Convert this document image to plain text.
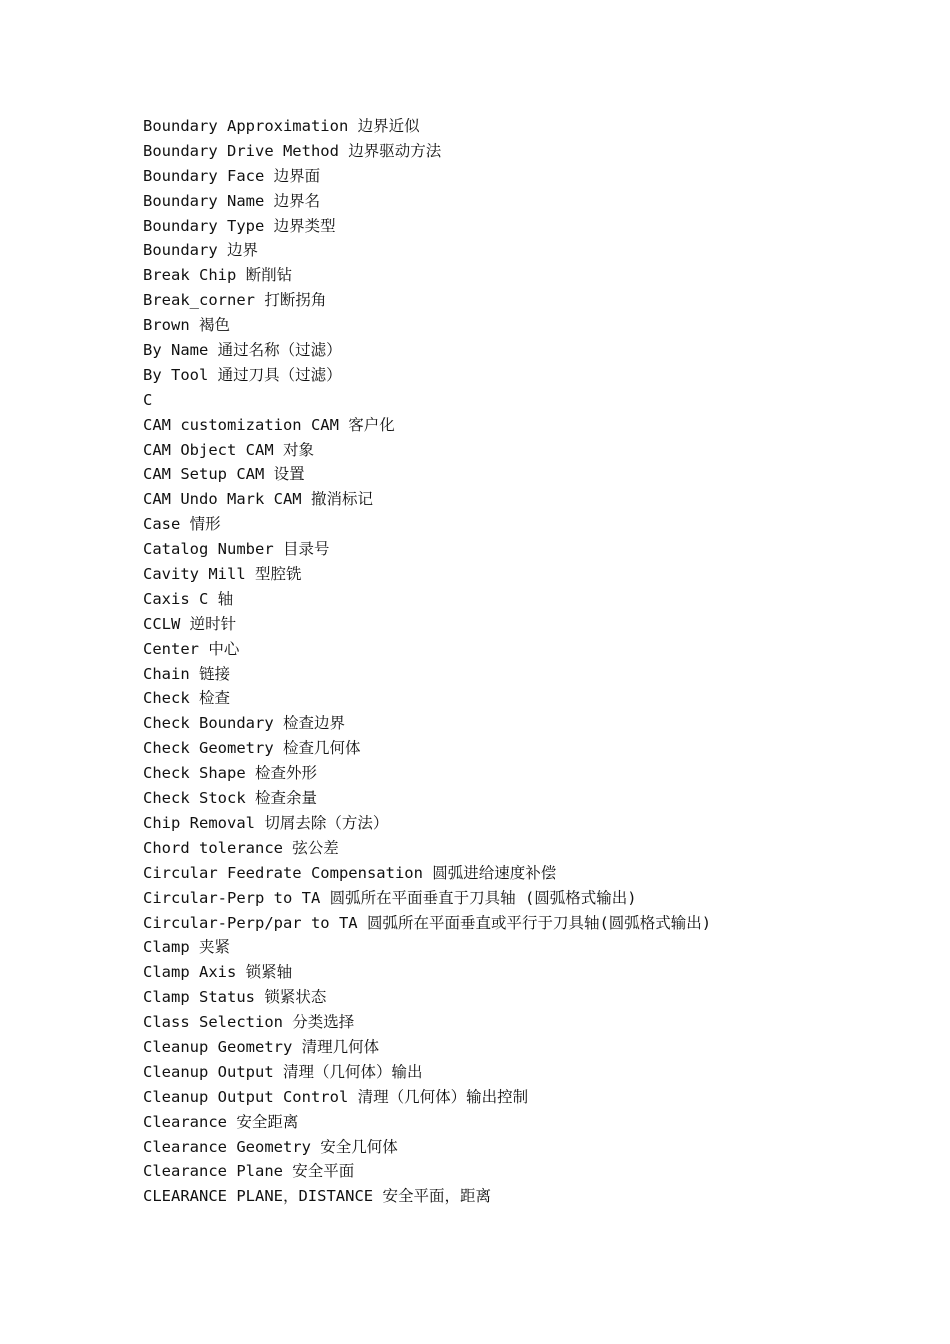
Boundary Approximation 边界近似
Boundary Drive Method 边界驱动方法
Boundary Face 边界面
Boundary Name 边界名
Boundary Type 边界类型
Boundary 边界
Break Chip 断削钻
Break_corner 打断拐角
Brown 褐色
By Name 通过名称（过滤）
By Tool 通过刀具（过滤）
C
CAM customization CAM 客户化
CAM Object CAM 对象
CAM Setup CAM 设置
CAM Undo Mark CAM 撤消标记
Case 情形
Catalog Number 目录号
Cavity Mill 型腔铣
Caxis C 轴
CCLW 逆时针
Center 中心
Chain 链接
Check 检查
Check Boundary 检查边界
Check Geometry 检查几何体
Check Shape 检查外形
Check Stock 检查余量
Chip Removal 切屑去除（方法）
Chord tolerance 弦公差
Circular Feedrate Compensation 圆弧进给速度补偿
Circular-Perp to TA 圆弧所在平面垂直于刀具轴 (圆弧格式输出)
Circular-Perp/par to TA 圆弧所在平面垂直或平行于刀具轴(圆弧格式输出)
Clamp 夹紧
Clamp Axis 锁紧轴
Clamp Status 锁紧状态
Class Selection 分类选择
Cleanup Geometry 清理几何体
Cleanup Output 清理（几何体）输出
Cleanup Output Control 清理（几何体）输出控制
Clearance 安全距离
Clearance Geometry 安全几何体
Clearance Plane 安全平面
CLEARANCE PLANE，DISTANCE 安全平面，距离
